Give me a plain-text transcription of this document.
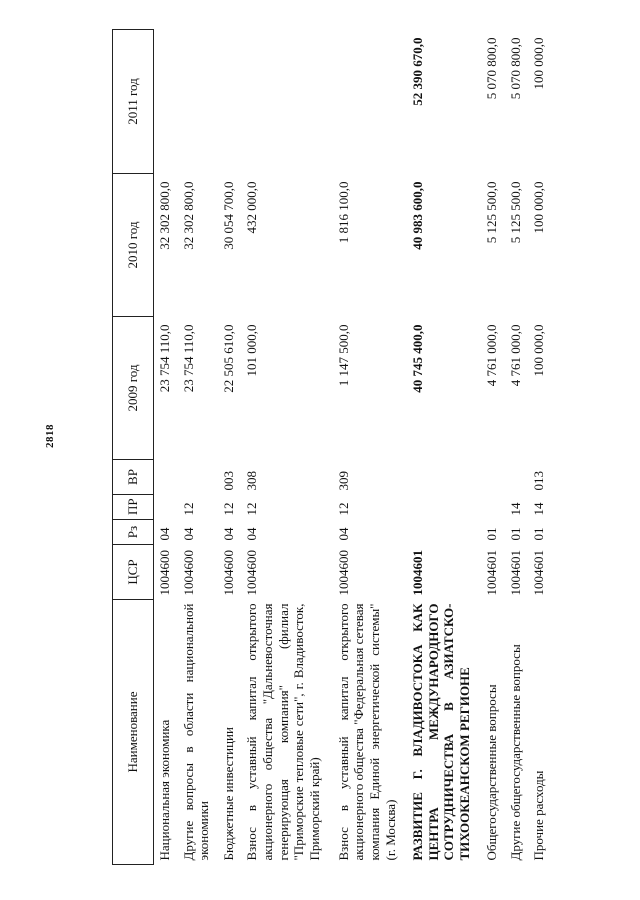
2818
Наименование	ЦСР	Рз	ПР	ВР	2009 год	2010 год	2011 год
Национальная экономика	1004600	04			23 754 110,0	32 302 800,0	
Другие вопросы в области национальной экономики	1004600	04	12		23 754 110,0	32 302 800,0	
Бюджетные инвестиции	1004600	04	12	003	22 505 610,0	30 054 700,0	
Взнос в уставный капитал открытого акционерного общества "Дальневосточная генерирующая компания" (филиал "Приморские тепловые сети", г. Владивосток, Приморский край)	1004600	04	12	308	101 000,0	432 000,0	
Взнос в уставный капитал открытого акционерного общества "Федеральная сетевая компания Единой энергетической системы" (г. Москва)	1004600	04	12	309	1 147 500,0	1 816 100,0	
РАЗВИТИЕ Г. ВЛАДИВОСТОКА КАК ЦЕНТРА МЕЖДУНАРОДНОГО СОТРУДНИЧЕСТВА В АЗИАТСКО-ТИХООКЕАНСКОМ РЕГИОНЕ	1004601				40 745 400,0	40 983 600,0	52 390 670,0
Общегосударственные вопросы	1004601	01			4 761 000,0	5 125 500,0	5 070 800,0
Другие общегосударственные вопросы	1004601	01	14		4 761 000,0	5 125 500,0	5 070 800,0
Прочие расходы	1004601	01	14	013	100 000,0	100 000,0	100 000,0
